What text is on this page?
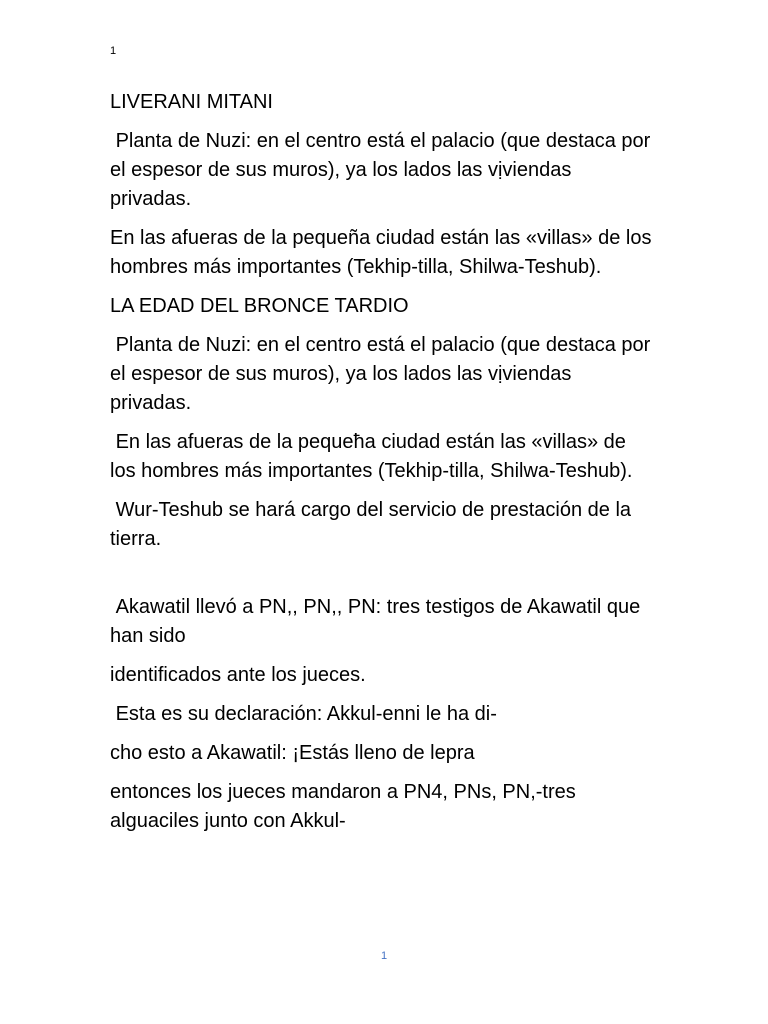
1

LIVERANI MITANI

Planta de Nuzi: en el centro está el palacio (que destaca por el espesor de sus muros), ya los lados las vịviendas privadas.

En las afueras de la pequeña ciudad están las «villas» de los hombres más importantes (Tekhip-tilla, Shilwa-Teshub).

LA EDAD DEL BRONCE TARDIO

Planta de Nuzi: en el centro está el palacio (que destaca por el espesor de sus muros), ya los lados las vịviendas privadas.

En las afueras de la pequeħa ciudad están las «villas» de los hombres más importantes (Tekhip-tilla, Shilwa-Teshub).

Wur-Teshub se hará cargo del servicio de prestación de la tierra.

Akawatil llevó a PN,, PN,, PN: tres testigos de Akawatil que han sido

identificados ante los jueces.

Esta es su declaración: Akkul-enni le ha di-

cho esto a Akawatil: ¡Estás lleno de lepra

entonces los jueces mandaron a PN4, PNs, PN,-tres alguaciles junto con Akkul-

1
